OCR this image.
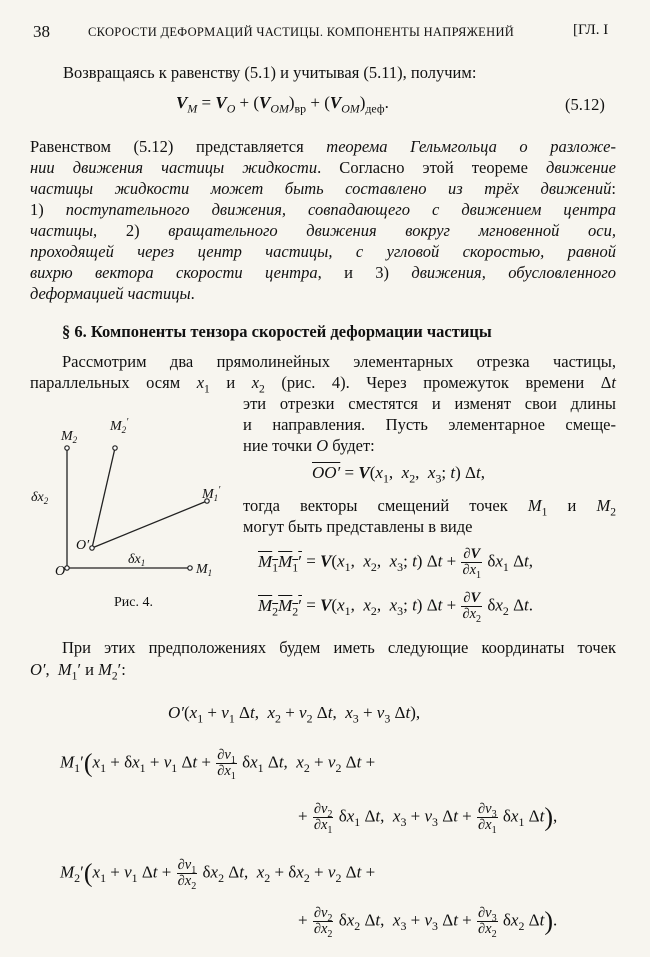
38	СКОРОСТИ ДЕФОРМАЦИЙ ЧАСТИЦЫ. КОМПОНЕНТЫ НАПРЯЖЕНИЙ	[ГЛ. I
Возвращаясь к равенству (5.1) и учитывая (5.11), получим:
$V_M = V_O + (V_{OM})_{вр} + (V_{OM})_{деф}$.	(5.12)
Равенством (5.12) представляется теорема Гельмгольца о разложе-
нии движения частицы жидкости. Согласно этой теореме движение
частицы жидкости может быть составлено из трёх движений:
1) поступательного движения, совпадающего с движением центра
частицы, 2) вращательного движения вокруг мгновенной оси,
проходящей через центр частицы, с угловой скоростью, равной
вихрю вектора скорости центра, и 3) движения, обусловленного
деформацией частицы.
§ 6. Компоненты тензора скоростей деформации частицы
Рассмотрим два прямолинейных элементарных отрезка частицы,
параллельных осям $x_1$ и $x_2$ (рис. 4). Через промежуток времени Δt
эти отрезки сместятся и изменят свои длины
и направления. Пусть элементарное смеще-
ние точки O будет:
$OO' = V(x_1$,  $x_2$,  $x_3$; t) Δt,
тогда векторы смещений точек $M_1$ и $M_2$
могут быть представлены в виде
$M_1M_1' = V(x_1$,  $x_2$,  $x_3$; t) $\Delta t + \frac{\partial V}{\partial x_1} \delta x_1$ Δt,
$M_2M_2' = V(x_1$,  $x_2$,  $x_3$; t) $\Delta t + \frac{\partial V}{\partial x_2} \delta x_2$ Δt.
$M_2$
$M_2'$
$M_1'$
$M_1$
O
O′
$\delta x_1$
$\delta x_2$
Рис. 4.
При этих предположениях будем иметь следующие координаты точек
O′,  $M_1'$ и $M_2'$:
$O'(x_1 + v_1$ Δt,  $x_2 + v_2$ Δt,  $x_3 + v_3$ Δt),
$M_1'(x_1 + \delta x_1 + v_1$ $\Delta t + \frac{\partial v_1}{\partial x_1} \delta x_1$ Δt,  $x_2 + v_2$ Δt +
+ $\frac{\partial v_2}{\partial x_1} \delta x_1$ Δt,  $x_3 + v_3$ $\Delta t + \frac{\partial v_3}{\partial x_1} \delta x_1$ Δt),
$M_2'(x_1 + v_1$ $\Delta t + \frac{\partial v_1}{\partial x_2} \delta x_2$ Δt,  $x_2 + \delta x_2 + v_2$ Δt +
+ $\frac{\partial v_2}{\partial x_2} \delta x_2$ Δt,  $x_3 + v_3$ $\Delta t + \frac{\partial v_3}{\partial x_2} \delta x_2$ Δt).
